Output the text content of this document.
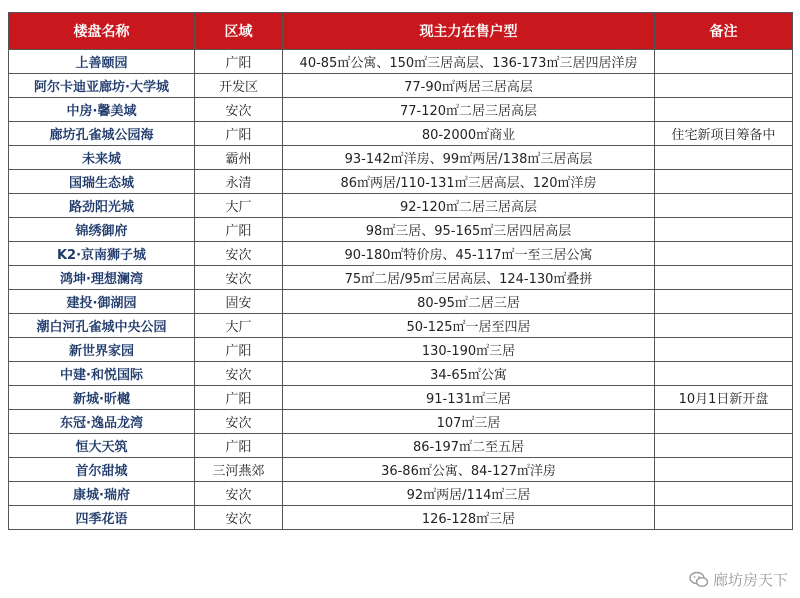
楼盘名称	区域	现主力在售户型	备注
上善颐园	广阳	40-85㎡公寓、150㎡三居高层、136-173㎡三居四居洋房	
阿尔卡迪亚廊坊·大学城	开发区	77-90㎡两居三居高层	
中房·馨美域	安次	77-120㎡二居三居高层	
廊坊孔雀城公园海	广阳	80-2000㎡商业	住宅新项目筹备中
未来城	霸州	93-142㎡洋房、99㎡两居/138㎡三居高层	
国瑞生态城	永清	86㎡两居/110-131㎡三居高层、120㎡洋房	
路劲阳光城	大厂	92-120㎡二居三居高层	
锦绣御府	广阳	98㎡三居、95-165㎡三居四居高层	
K2·京南狮子城	安次	90-180㎡特价房、45-117㎡一至三居公寓	
鸿坤·理想澜湾	安次	75㎡二居/95㎡三居高层、124-130㎡叠拼	
建投·御湖园	固安	80-95㎡二居三居	
潮白河孔雀城中央公园	大厂	50-125㎡一居至四居	
新世界家园	广阳	130-190㎡三居	
中建·和悦国际	安次	34-65㎡公寓	
新城·昕樾	广阳	91-131㎡三居	10月1日新开盘
东冠·逸品龙湾	安次	107㎡三居	
恒大天筑	广阳	86-197㎡二至五居	
首尔甜城	三河燕郊	36-86㎡公寓、84-127㎡洋房	
康城·瑞府	安次	92㎡两居/114㎡三居	
四季花语	安次	126-128㎡三居	
廊坊房天下
